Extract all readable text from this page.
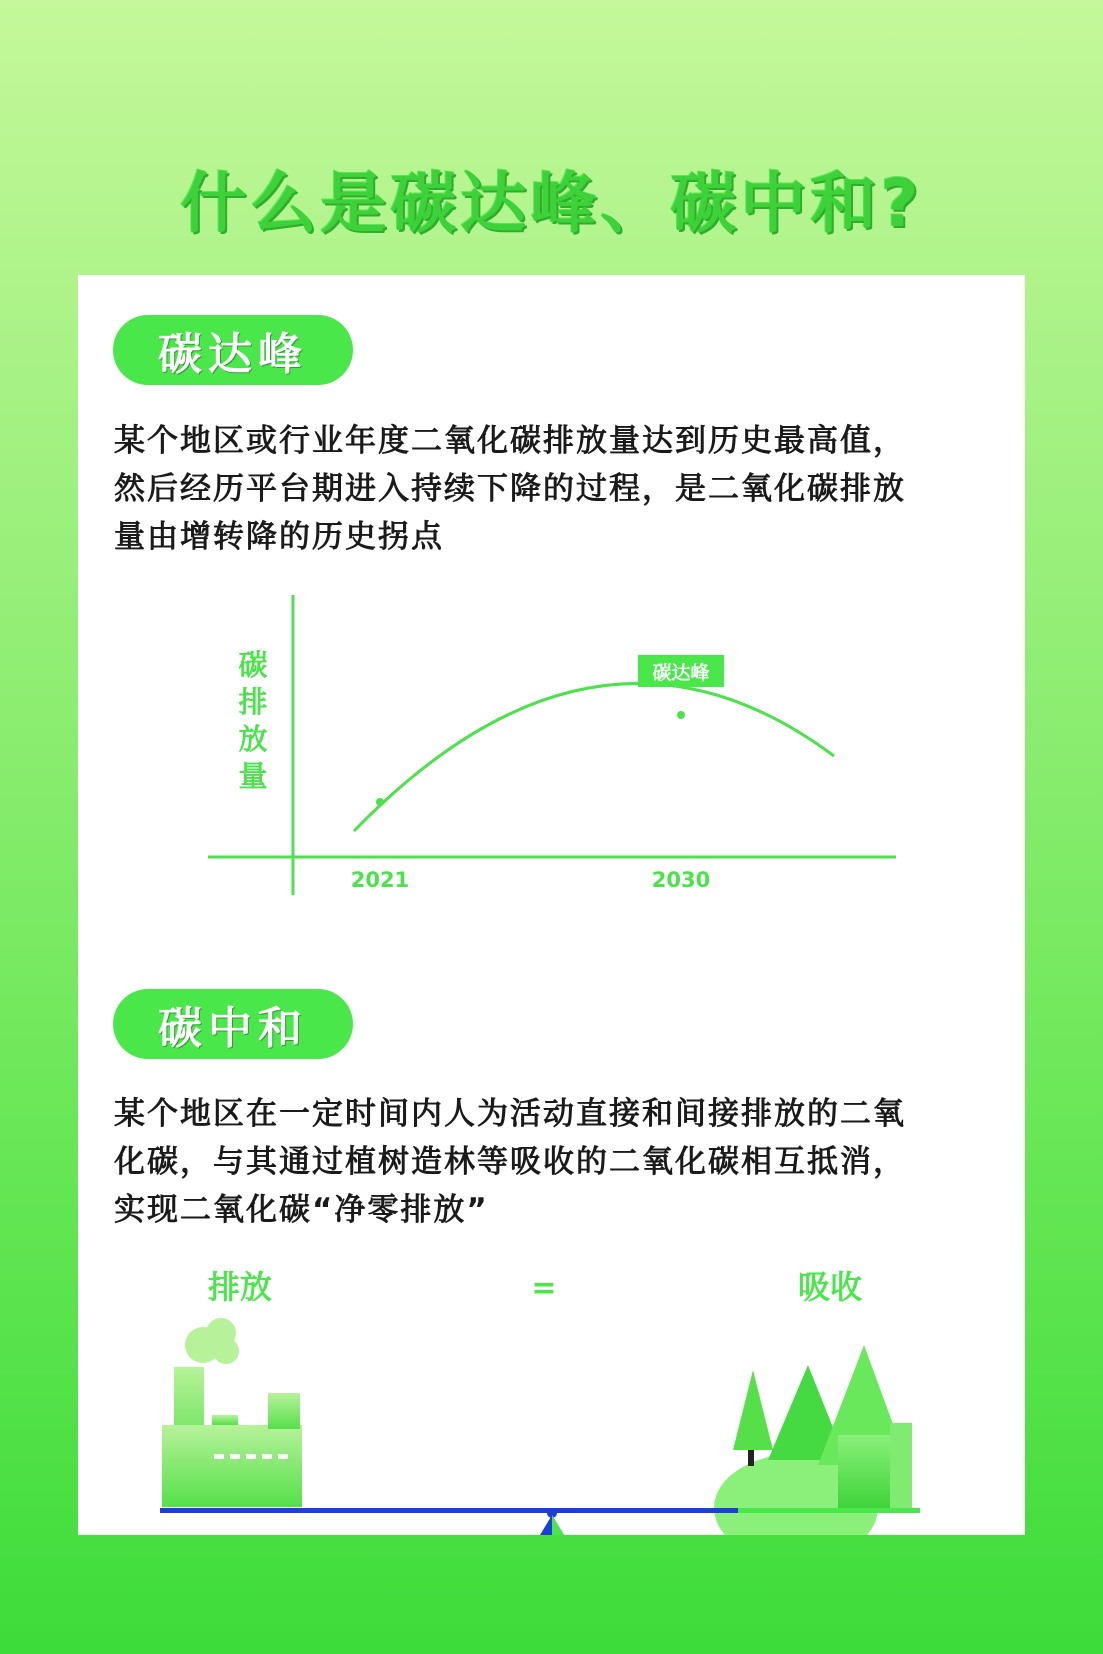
什么是碳达峰、碳中和?
碳达峰
某个地区或行业年度二氧化碳排放量达到历史最高值，
然后经历平台期进入持续下降的过程，是二氧化碳排放
量由增转降的历史拐点
碳
排
放
量
2021	2030
碳达峰
碳中和
某个地区在一定时间内人为活动直接和间接排放的二氧
化碳，与其通过植树造林等吸收的二氧化碳相互抵消，
实现二氧化碳“净零排放”
排放	=	吸收
